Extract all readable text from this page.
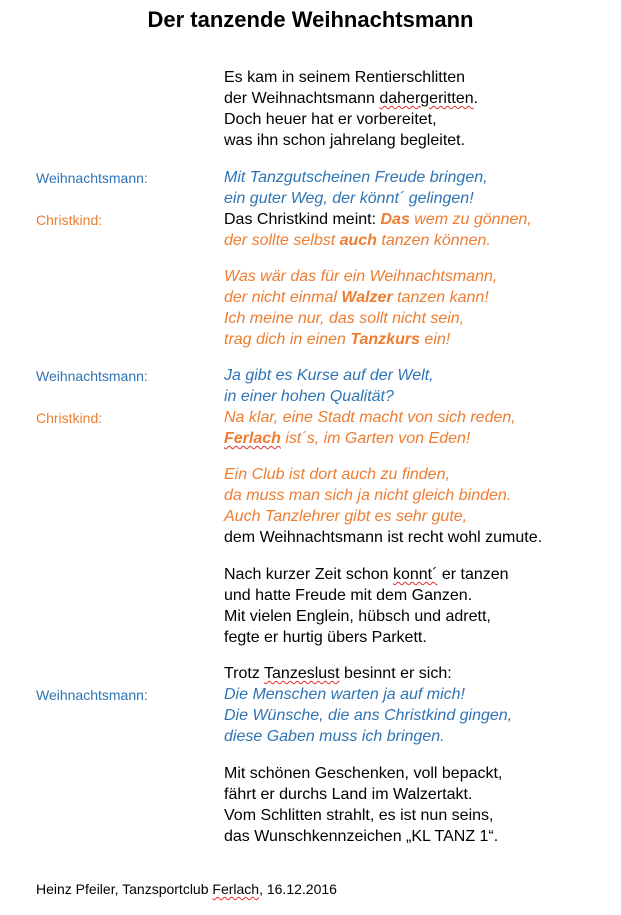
Der tanzende Weihnachtsmann
Weihnachtsmann:
Christkind:
Weihnachtsmann:
Christkind:
Weihnachtsmann:
Es kam in seinem Rentierschlitten
der Weihnachtsmann dahergeritten.
Doch heuer hat er vorbereitet,
was ihn schon jahrelang begleitet.
Mit Tanzgutscheinen Freude bringen,
ein guter Weg, der könnt´ gelingen!
Das Christkind meint: Das wem zu gönnen,
der sollte selbst auch tanzen können.
Was wär das für ein Weihnachtsmann,
der nicht einmal Walzer tanzen kann!
Ich meine nur, das sollt nicht sein,
trag dich in einen Tanzkurs ein!
Ja gibt es Kurse auf der Welt,
in einer hohen Qualität?
Na klar, eine Stadt macht von sich reden,
Ferlach ist´s, im Garten von Eden!
Ein Club ist dort auch zu finden,
da muss man sich ja nicht gleich binden.
Auch Tanzlehrer gibt es sehr gute,
dem Weihnachtsmann ist recht wohl zumute.
Nach kurzer Zeit schon konnt´ er tanzen
und hatte Freude mit dem Ganzen.
Mit vielen Englein, hübsch und adrett,
fegte er hurtig übers Parkett.
Trotz Tanzeslust besinnt er sich:
Die Menschen warten ja auf mich!
Die Wünsche, die ans Christkind gingen,
diese Gaben muss ich bringen.
Mit schönen Geschenken, voll bepackt,
fährt er durchs Land im Walzertakt.
Vom Schlitten strahlt, es ist nun seins,
das Wunschkennzeichen „KL TANZ 1“.
Heinz Pfeiler, Tanzsportclub Ferlach, 16.12.2016
